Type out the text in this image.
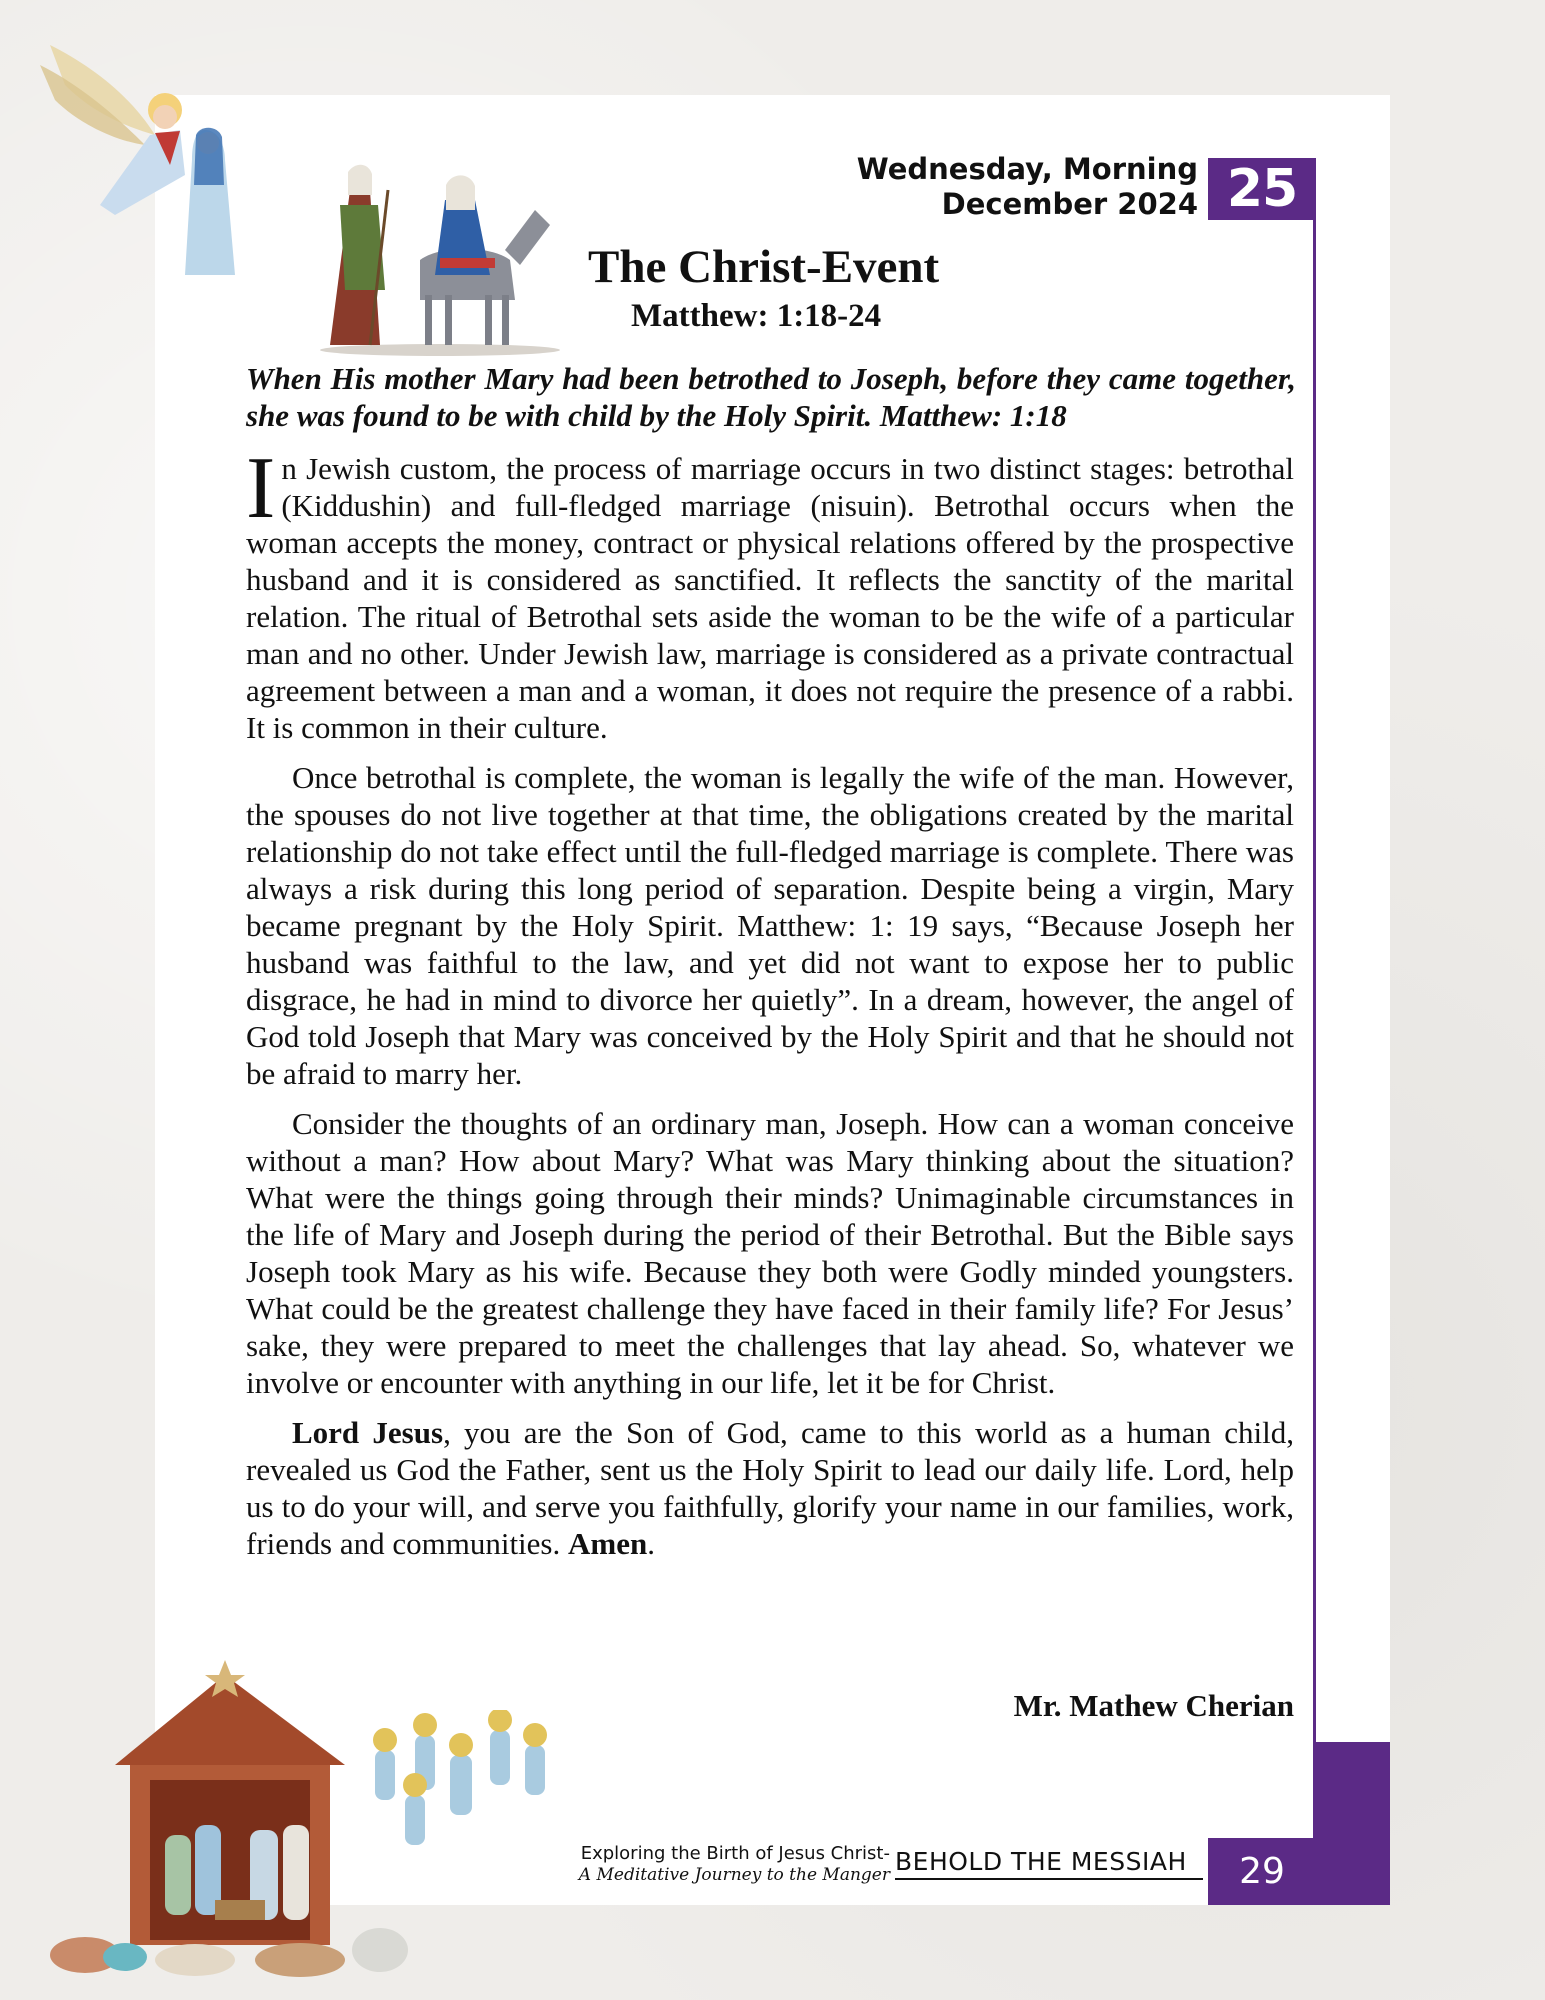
Wednesday, Morning
December 2024 25
The Christ-Event
Matthew: 1:18-24
When His mother Mary had been betrothed to Joseph, before they came together, she was found to be with child by the Holy Spirit. Matthew: 1:18

In Jewish custom, the process of marriage occurs in two distinct stages: betrothal (Kiddushin) and full-fledged marriage (nisuin). Betrothal occurs when the woman accepts the money, contract or physical relations offered by the prospective husband and it is considered as sanctified. It reflects the sanctity of the marital relation. The ritual of Betrothal sets aside the woman to be the wife of a particular man and no other. Under Jewish law, marriage is considered as a private contractual agreement between a man and a woman, it does not require the presence of a rabbi. It is common in their culture.

Once betrothal is complete, the woman is legally the wife of the man. However, the spouses do not live together at that time, the obligations created by the marital relationship do not take effect until the full-fledged marriage is complete. There was always a risk during this long period of separation. Despite being a virgin, Mary became pregnant by the Holy Spirit. Matthew: 1: 19 says, “Because Joseph her husband was faithful to the law, and yet did not want to expose her to public disgrace, he had in mind to divorce her quietly”. In a dream, however, the angel of God told Joseph that Mary was conceived by the Holy Spirit and that he should not be afraid to marry her.

Consider the thoughts of an ordinary man, Joseph. How can a woman conceive without a man? How about Mary? What was Mary thinking about the situation? What were the things going through their minds? Unimaginable circumstances in the life of Mary and Joseph during the period of their Betrothal. But the Bible says Joseph took Mary as his wife. Because they both were Godly minded youngsters. What could be the greatest challenge they have faced in their family life? For Jesus’ sake, they were prepared to meet the challenges that lay ahead. So, whatever we involve or encounter with anything in our life, let it be for Christ.

Lord Jesus, you are the Son of God, came to this world as a human child, revealed us God the Father, sent us the Holy Spirit to lead our daily life. Lord, help us to do your will, and serve you faithfully, glorify your name in our families, work, friends and communities. Amen.

Mr. Mathew Cherian
Exploring the Birth of Jesus Christ-
A Meditative Journey to the Manger BEHOLD THE MESSIAH	29
